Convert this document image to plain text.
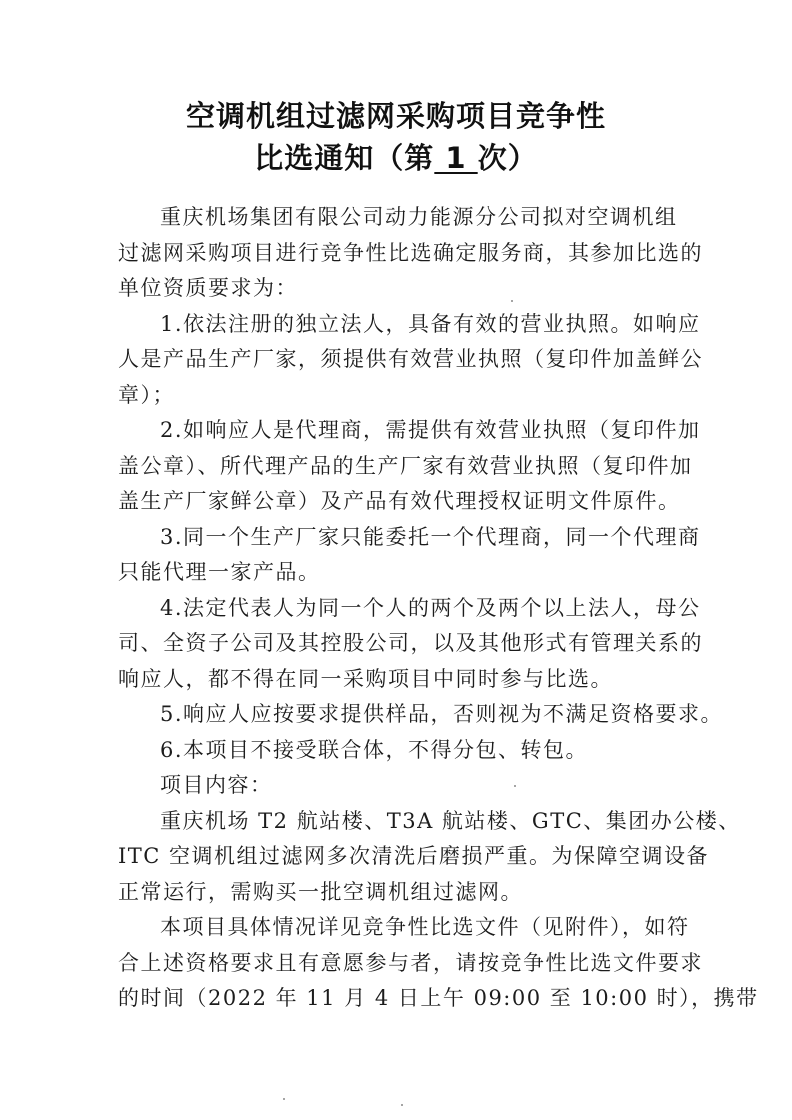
空调机组过滤网采购项目竞争性
比选通知（第 1 次）
重庆机场集团有限公司动力能源分公司拟对空调机组
过滤网采购项目进行竞争性比选确定服务商，其参加比选的
单位资质要求为：
1.依法注册的独立法人，具备有效的营业执照。如响应
人是产品生产厂家，须提供有效营业执照（复印件加盖鲜公
章）；
2.如响应人是代理商，需提供有效营业执照（复印件加
盖公章）、所代理产品的生产厂家有效营业执照（复印件加
盖生产厂家鲜公章）及产品有效代理授权证明文件原件。
3.同一个生产厂家只能委托一个代理商，同一个代理商
只能代理一家产品。
4.法定代表人为同一个人的两个及两个以上法人，母公
司、全资子公司及其控股公司，以及其他形式有管理关系的
响应人，都不得在同一采购项目中同时参与比选。
5.响应人应按要求提供样品，否则视为不满足资格要求。
6.本项目不接受联合体，不得分包、转包。
项目内容：
重庆机场 T2 航站楼、T3A 航站楼、GTC、集团办公楼、
ITC 空调机组过滤网多次清洗后磨损严重。为保障空调设备
正常运行，需购买一批空调机组过滤网。
本项目具体情况详见竞争性比选文件（见附件），如符
合上述资格要求且有意愿参与者，请按竞争性比选文件要求
的时间（2022 年 11 月 4 日上午 09:00 至 10:00 时），携带
